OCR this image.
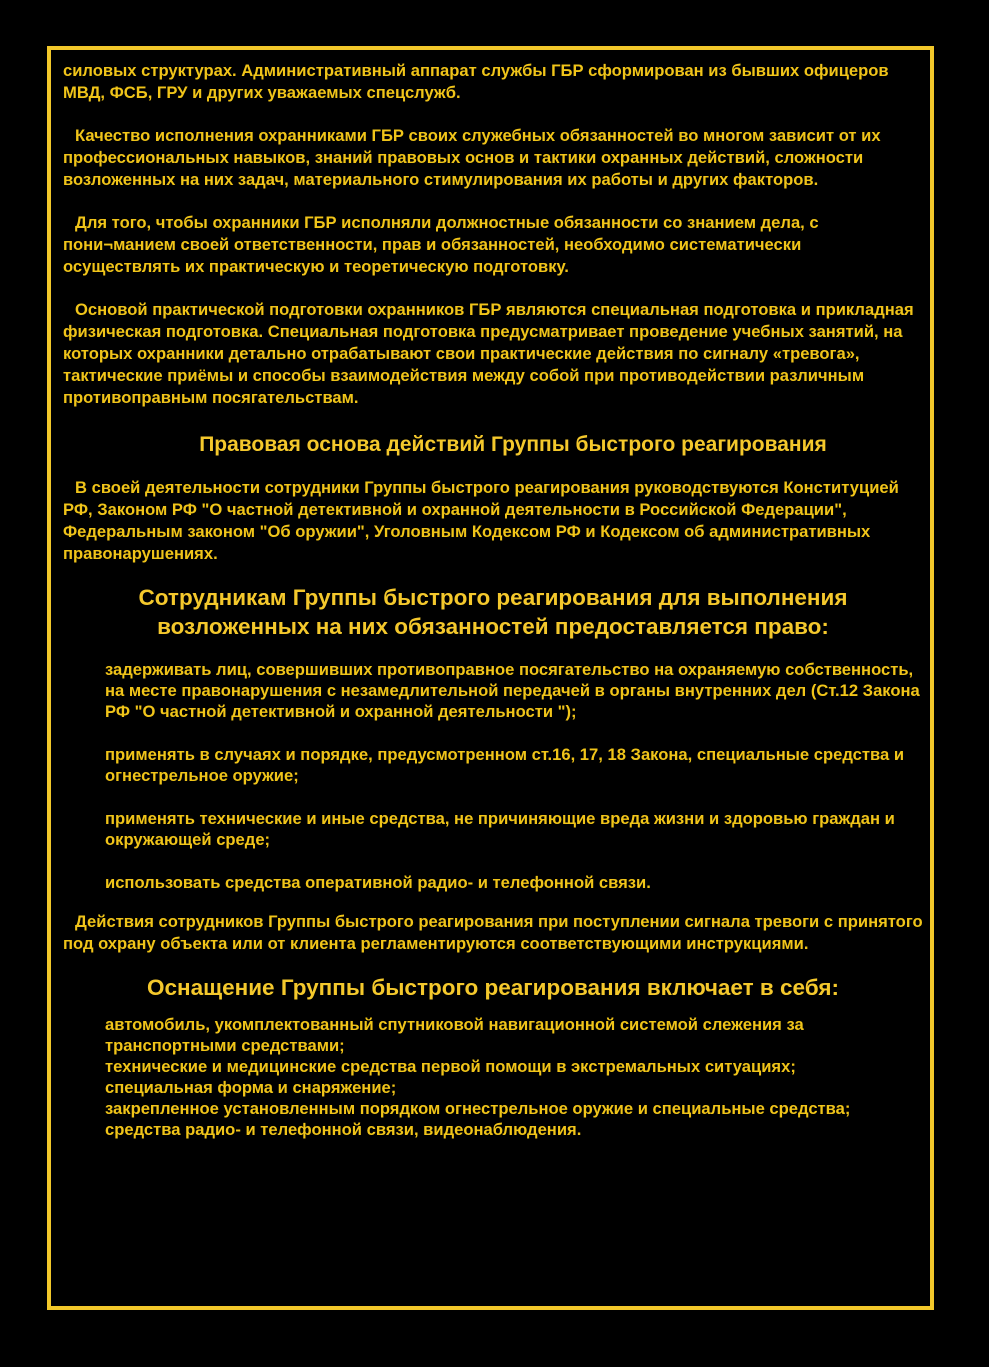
силовых структурах. Административный аппарат службы ГБР сформирован из бывших офицеров МВД, ФСБ, ГРУ и других уважаемых спецслужб.

Качество исполнения охранниками ГБР своих служебных обязанностей во многом зависит от их профессиональных навыков, знаний правовых основ и тактики охранных действий, сложности возложенных на них задач, материального стимулирования их работы и других факторов.

Для того, чтобы охранники ГБР исполняли должностные обязанности со знанием дела, с пони¬манием своей ответственности, прав и обязанностей, необходимо систематически осуществлять их практическую и теоретическую подготовку.

Основой практической подготовки охранников ГБР являются специальная подготовка и прикладная физическая подготовка. Специальная подготовка предусматривает проведение учебных занятий, на которых охранники детально отрабатывают свои практические действия по сигналу «тревога», тактические приёмы и способы взаимодействия между собой при противодействии различным противоправным посягательствам.

Правовая основа действий Группы быстрого реагирования

В своей деятельности сотрудники Группы быстрого реагирования руководствуются Конституцией РФ, Законом РФ "О частной детективной и охранной деятельности в Российской Федерации", Федеральным законом "Об оружии", Уголовным Кодексом РФ и Кодексом об административных правонарушениях.

Сотрудникам Группы быстрого реагирования для выполнения
возложенных на них обязанностей предоставляется право:
задерживать лиц, совершивших противоправное посягательство на охраняемую собственность, на месте правонарушения с незамедлительной передачей в органы внутренних дел (Ст.12 Закона РФ "О частной детективной и охранной деятельности ");
применять в случаях и порядке, предусмотренном ст.16, 17, 18 Закона, специальные средства и огнестрельное оружие;
применять технические и иные средства, не причиняющие вреда жизни и здоровью граждан и окружающей среде;
использовать средства оперативной радио- и телефонной связи.

Действия сотрудников Группы быстрого реагирования при поступлении сигнала тревоги с принятого под охрану объекта или от клиента регламентируются соответствующими инструкциями.

Оснащение Группы быстрого реагирования включает в себя:
автомобиль, укомплектованный спутниковой навигационной системой слежения за транспортными средствами;
технические и медицинские средства первой помощи в экстремальных ситуациях;
специальная форма и снаряжение;
закрепленное установленным порядком огнестрельное оружие и специальные средства;
средства радио- и телефонной связи, видеонаблюдения.
